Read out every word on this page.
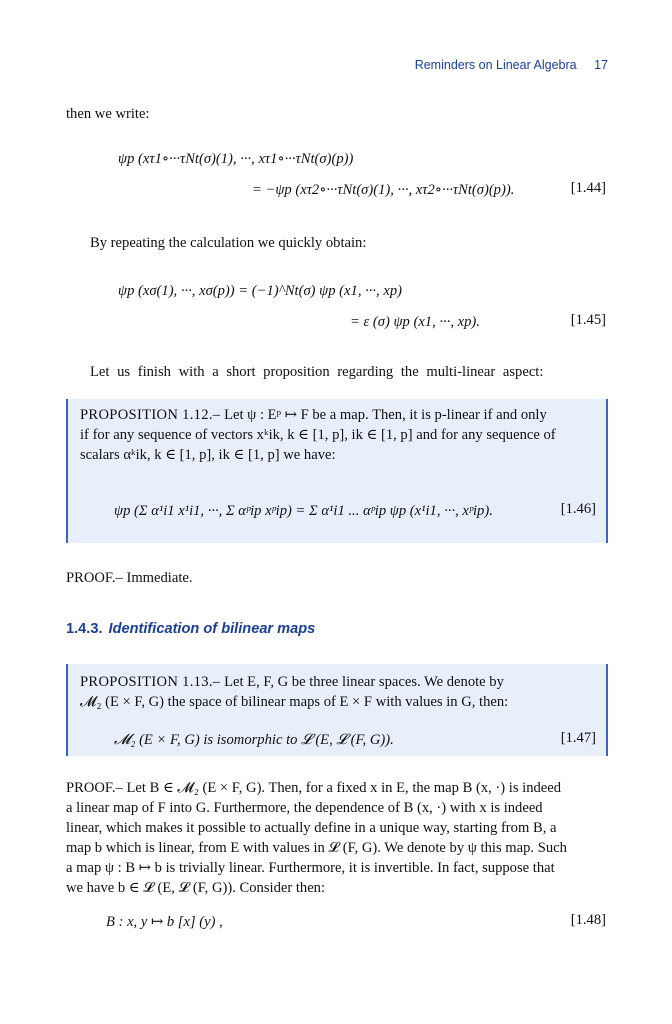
Reminders on Linear Algebra 17
then we write:
ψp (xτ1∘···τNt(σ)(1), ···, xτ1∘···τNt(σ)(p))
= −ψp (xτ2∘···τNt(σ)(1), ···, xτ2∘···τNt(σ)(p)).	[1.44]
By repeating the calculation we quickly obtain:
ψp (xσ(1), ···, xσ(p)) = (−1)^Nt(σ) ψp (x1, ···, xp)
= ε (σ) ψp (x1, ···, xp).	[1.45]
Let us finish with a short proposition regarding the multi-linear aspect:
PROPOSITION 1.12.– Let ψ : Eᵖ ↦ F be a map. Then, it is p-linear if and only
if for any sequence of vectors xᵏik, k ∈ [1, p], ik ∈ [1, p] and for any sequence of
scalars αᵏik, k ∈ [1, p], ik ∈ [1, p] we have:
ψp (Σ α¹i1 x¹i1, ···, Σ αᵖip xᵖip) = Σ α¹i1 ... αᵖip ψp (x¹i1, ···, xᵖip).	[1.46]
PROOF.– Immediate.
1.4.3. Identification of bilinear maps
PROPOSITION 1.13.– Let E, F, G be three linear spaces. We denote by
𝓜₂ (E × F, G) the space of bilinear maps of E × F with values in G, then:
𝓜₂ (E × F, G) is isomorphic to 𝓛 (E, 𝓛 (F, G)).	[1.47]
PROOF.– Let B ∈ 𝓜₂ (E × F, G). Then, for a fixed x in E, the map B (x, ·) is indeed
a linear map of F into G. Furthermore, the dependence of B (x, ·) with x is indeed
linear, which makes it possible to actually define in a unique way, starting from B, a
map b which is linear, from E with values in 𝓛 (F, G). We denote by ψ this map. Such
a map ψ : B ↦ b is trivially linear. Furthermore, it is invertible. In fact, suppose that
we have b ∈ 𝓛 (E, 𝓛 (F, G)). Consider then:
B : x, y ↦ b [x] (y) ,	[1.48]
